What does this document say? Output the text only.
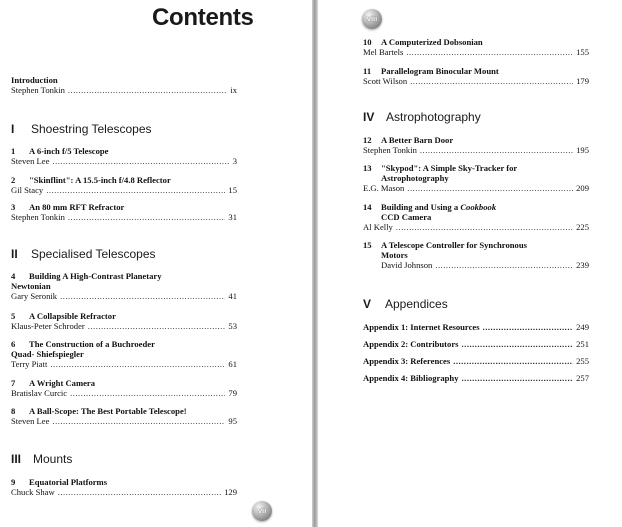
Contents
Introduction
Stephen Tonkin .....	ix
I Shoestring Telescopes
1 A 6-inch f/5 Telescope
Steven Lee .....	3
2 "Skinflint": A 15.5-inch f/4.8 Reflector
Gil Stacy .....	15
3 An 80 mm RFT Refractor
Stephen Tonkin .....	31
II Specialised Telescopes
4 Building A High-Contrast Planetary
Newtonian
Gary Seronik .....	41
5 A Collapsible Refractor
Klaus-Peter Schroder .....	53
6 The Construction of a Buchroeder
Quad- Shiefspiegler
Terry Piatt .....	61
7 A Wright Camera
Bratislav Curcic .....	79
8 A Ball-Scope: The Best Portable Telescope!
Steven Lee .....	95
III Mounts
9 Equatorial Platforms
Chuck Shaw .....	129
vii
viii
10 A Computerized Dobsonian
Mel Bartels .....	155
11 Parallelogram Binocular Mount
Scott Wilson .....	179
IV Astrophotography
12 A Better Barn Door
Stephen Tonkin .....	195
13 "Skypod": A Simple Sky-Tracker for
Astrophotography
E.G. Mason .....	209
14 Building and Using a Cookbook
CCD Camera
Al Kelly .....	225
15 A Telescope Controller for Synchronous
Motors
David Johnson .....	239
V Appendices
Appendix 1: Internet Resources .....	249
Appendix 2: Contributors .....	251
Appendix 3: References .....	255
Appendix 4: Bibliography .....	257
